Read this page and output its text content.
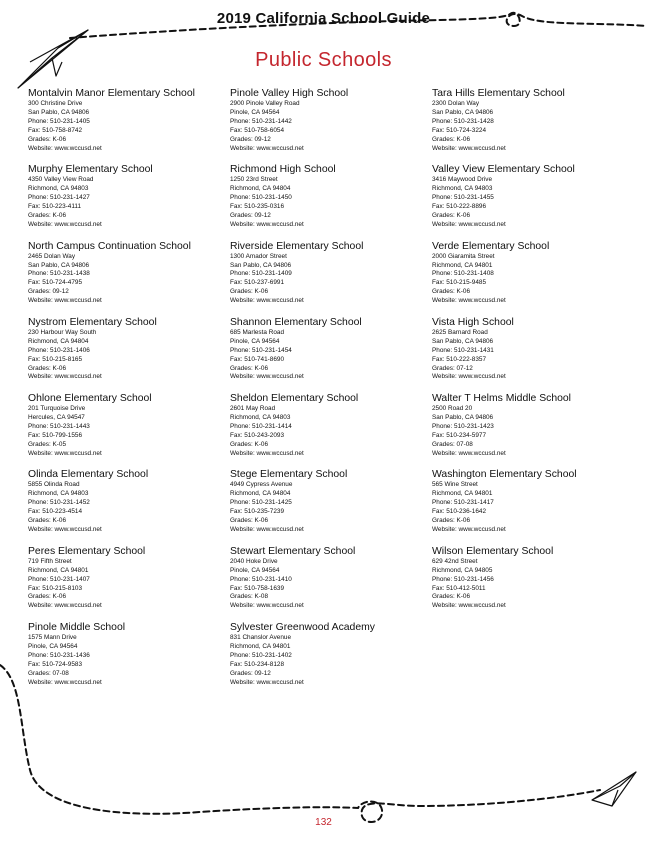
2019 California School Guide
Public Schools
Montalvin Manor Elementary School
300 Christine Drive
San Pablo, CA 94806
Phone: 510-231-1405
Fax: 510-758-8742
Grades: K-06
Website: www.wccusd.net
Murphy Elementary School
4350 Valley View Road
Richmond, CA 94803
Phone: 510-231-1427
Fax: 510-223-4111
Grades: K-06
Website: www.wccusd.net
North Campus Continuation School
2465 Dolan Way
San Pablo, CA 94806
Phone: 510-231-1438
Fax: 510-724-4795
Grades: 09-12
Website: www.wccusd.net
Nystrom Elementary School
230 Harbour Way South
Richmond, CA 94804
Phone: 510-231-1406
Fax: 510-215-8165
Grades: K-06
Website: www.wccusd.net
Ohlone Elementary School
201 Turquoise Drive
Hercules, CA 94547
Phone: 510-231-1443
Fax: 510-799-1556
Grades: K-05
Website: www.wccusd.net
Olinda Elementary School
5855 Olinda Road
Richmond, CA 94803
Phone: 510-231-1452
Fax: 510-223-4514
Grades: K-06
Website: www.wccusd.net
Peres Elementary School
719 Fifth Street
Richmond, CA 94801
Phone: 510-231-1407
Fax: 510-215-8103
Grades: K-06
Website: www.wccusd.net
Pinole Middle School
1575 Mann Drive
Pinole, CA 94564
Phone: 510-231-1436
Fax: 510-724-9583
Grades: 07-08
Website: www.wccusd.net
Pinole Valley High School
2900 Pinole Valley Road
Pinole, CA 94564
Phone: 510-231-1442
Fax: 510-758-6054
Grades: 09-12
Website: www.wccusd.net
Richmond High School
1250 23rd Street
Richmond, CA 94804
Phone: 510-231-1450
Fax: 510-235-0316
Grades: 09-12
Website: www.wccusd.net
Riverside Elementary School
1300 Amador Street
San Pablo, CA 94806
Phone: 510-231-1409
Fax: 510-237-6991
Grades: K-06
Website: www.wccusd.net
Shannon Elementary School
685 Marlesta Road
Pinole, CA 94564
Phone: 510-231-1454
Fax: 510-741-8690
Grades: K-06
Website: www.wccusd.net
Sheldon Elementary School
2601 May Road
Richmond, CA 94803
Phone: 510-231-1414
Fax: 510-243-2093
Grades: K-06
Website: www.wccusd.net
Stege Elementary School
4949 Cypress Avenue
Richmond, CA 94804
Phone: 510-231-1425
Fax: 510-235-7239
Grades: K-06
Website: www.wccusd.net
Stewart Elementary School
2040 Hoke Drive
Pinole, CA 94564
Phone: 510-231-1410
Fax: 510-758-1639
Grades: K-08
Website: www.wccusd.net
Sylvester Greenwood Academy
831 Chanslor Avenue
Richmond, CA 94801
Phone: 510-231-1402
Fax: 510-234-8128
Grades: 09-12
Website: www.wccusd.net
Tara Hills Elementary School
2300 Dolan Way
San Pablo, CA 94806
Phone: 510-231-1428
Fax: 510-724-3224
Grades: K-06
Website: www.wccusd.net
Valley View Elementary School
3416 Maywood Drive
Richmond, CA 94803
Phone: 510-231-1455
Fax: 510-222-8896
Grades: K-06
Website: www.wccusd.net
Verde Elementary School
2000 Giaramita Street
Richmond, CA 94801
Phone: 510-231-1408
Fax: 510-215-9485
Grades: K-06
Website: www.wccusd.net
Vista High School
2625 Barnard Road
San Pablo, CA 94806
Phone: 510-231-1431
Fax: 510-222-8357
Grades: 07-12
Website: www.wccusd.net
Walter T Helms Middle School
2500 Road 20
San Pablo, CA 94806
Phone: 510-231-1423
Fax: 510-234-5977
Grades: 07-08
Website: www.wccusd.net
Washington Elementary School
565 Wine Street
Richmond, CA 94801
Phone: 510-231-1417
Fax: 510-236-1642
Grades: K-06
Website: www.wccusd.net
Wilson Elementary School
629 42nd Street
Richmond, CA 94805
Phone: 510-231-1456
Fax: 510-412-5011
Grades: K-06
Website: www.wccusd.net
132
